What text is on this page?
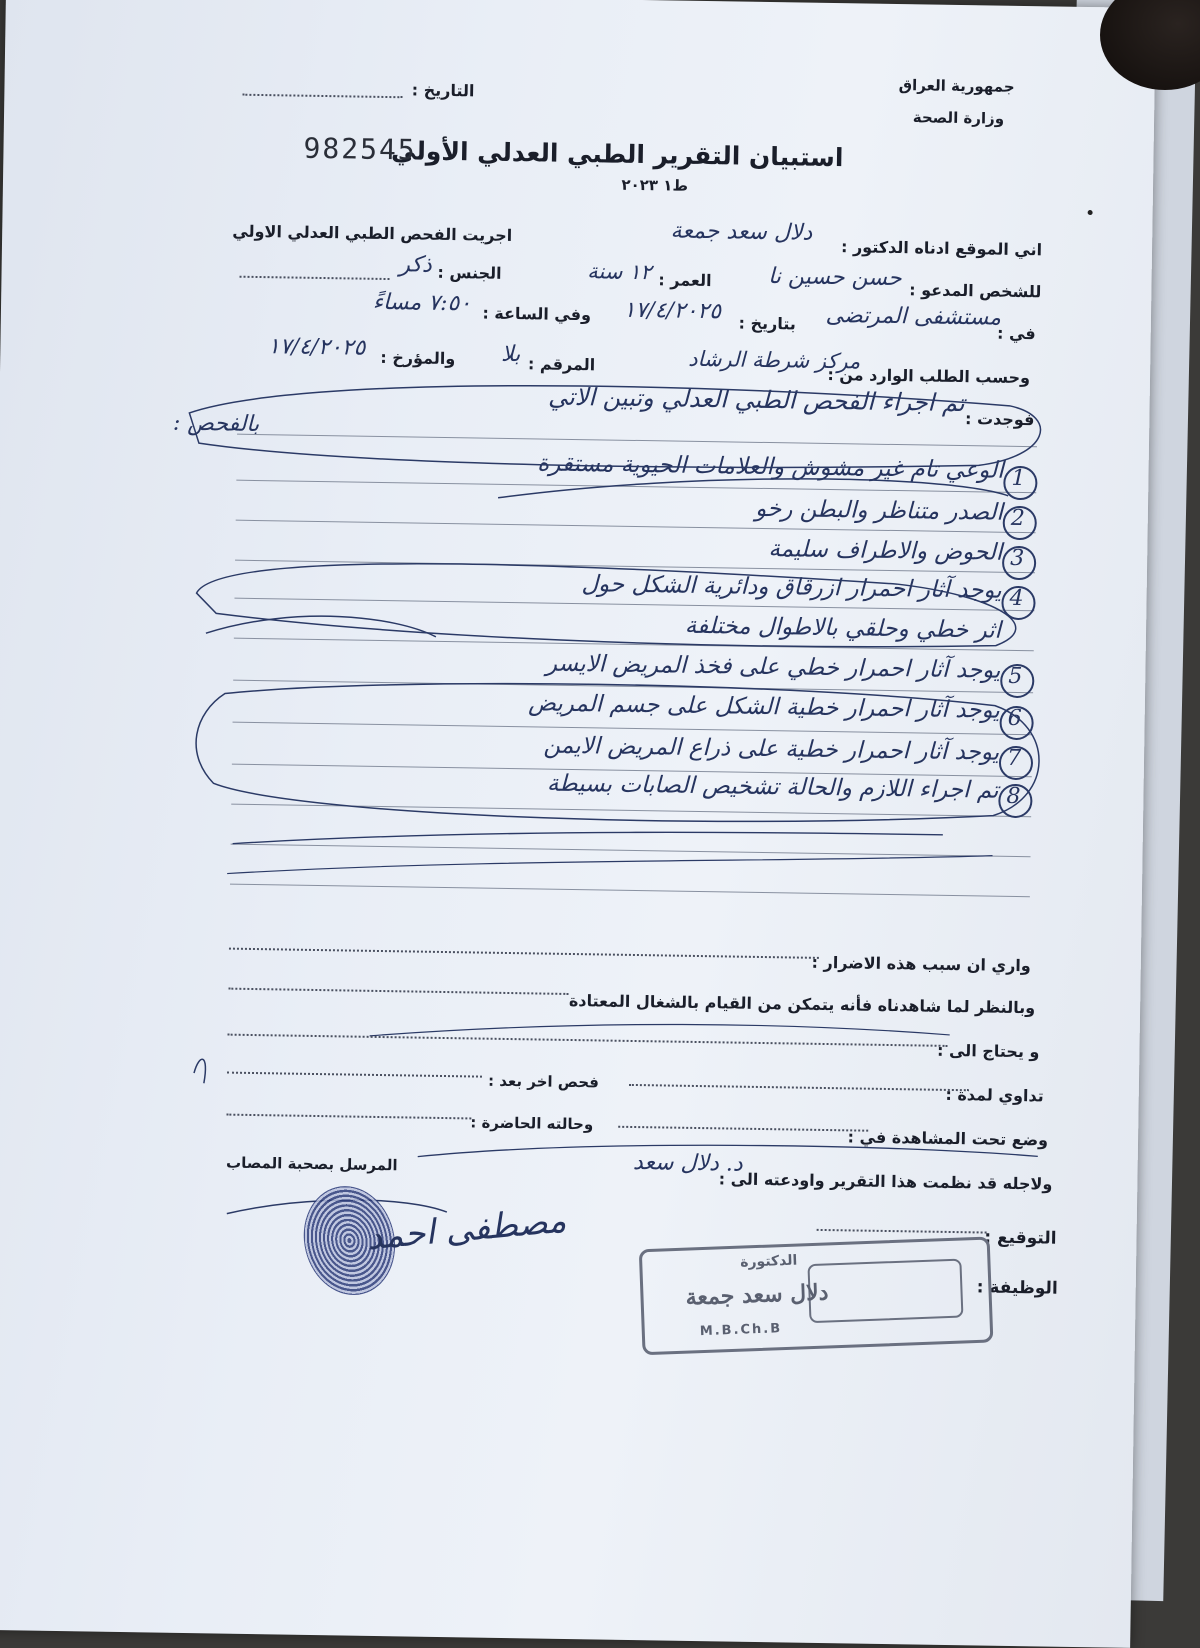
جمهورية العراق
وزارة الصحة
التاريخ :
استبيان التقرير الطبي العدلي الأولي
982545
ط١ ٢٠٢٣
اني الموقع ادناه الدكتور :
اجريت الفحص الطبي العدلي الاولي	دلال سعد جمعة
للشخص المدعو :
حسن حسين نا
العمر :
١٢ سنة
الجنس :
ذكر
في :
مستشفى المرتضى
بتاريخ :
١٧/٤/٢٠٢٥
وفي الساعة :
٧:٥٠ مساءً
وحسب الطلب الوارد من :
مركز شرطة الرشاد
المرقم :
بلا
والمؤرخ :
١٧/٤/٢٠٢٥
فوجدت :
تم اجراء الفحص الطبي العدلي وتبين الاتي
بالفحص :
1
الوعي تام غير مشوش والعلامات الحيوية مستقرة
2
الصدر متناظر والبطن رخو
3
الحوض والاطراف سليمة
4
يوجد آثار احمرار ازرقاق ودائرية الشكل حول
اثر خطي وحلقي بالاطوال مختلفة
5
يوجد آثار احمرار خطي على فخذ المريض الايسر
6
يوجد آثار احمرار خطية الشكل على جسم المريض
7
يوجد آثار احمرار خطية على ذراع المريض الايمن
8
تم اجراء اللازم والحالة تشخيص الصابات بسيطة
واري ان سبب هذه الاضرار :
وبالنظر لما شاهدناه فأنه يتمكن من القيام بالشغال المعتادة
و يحتاج الى :
تداوي لمدة :
فحص اخر بعد :
وضع تحت المشاهدة في :
وحالته الحاضرة :
ولاجله قد نظمت هذا التقرير واودعته الى :
د. دلال سعد
المرسل بصحبة المصاب
التوقيع :
الوظيفة :
الدكتورة
دلال سعد جمعة
M.B.Ch.B
مصطفى احمد
